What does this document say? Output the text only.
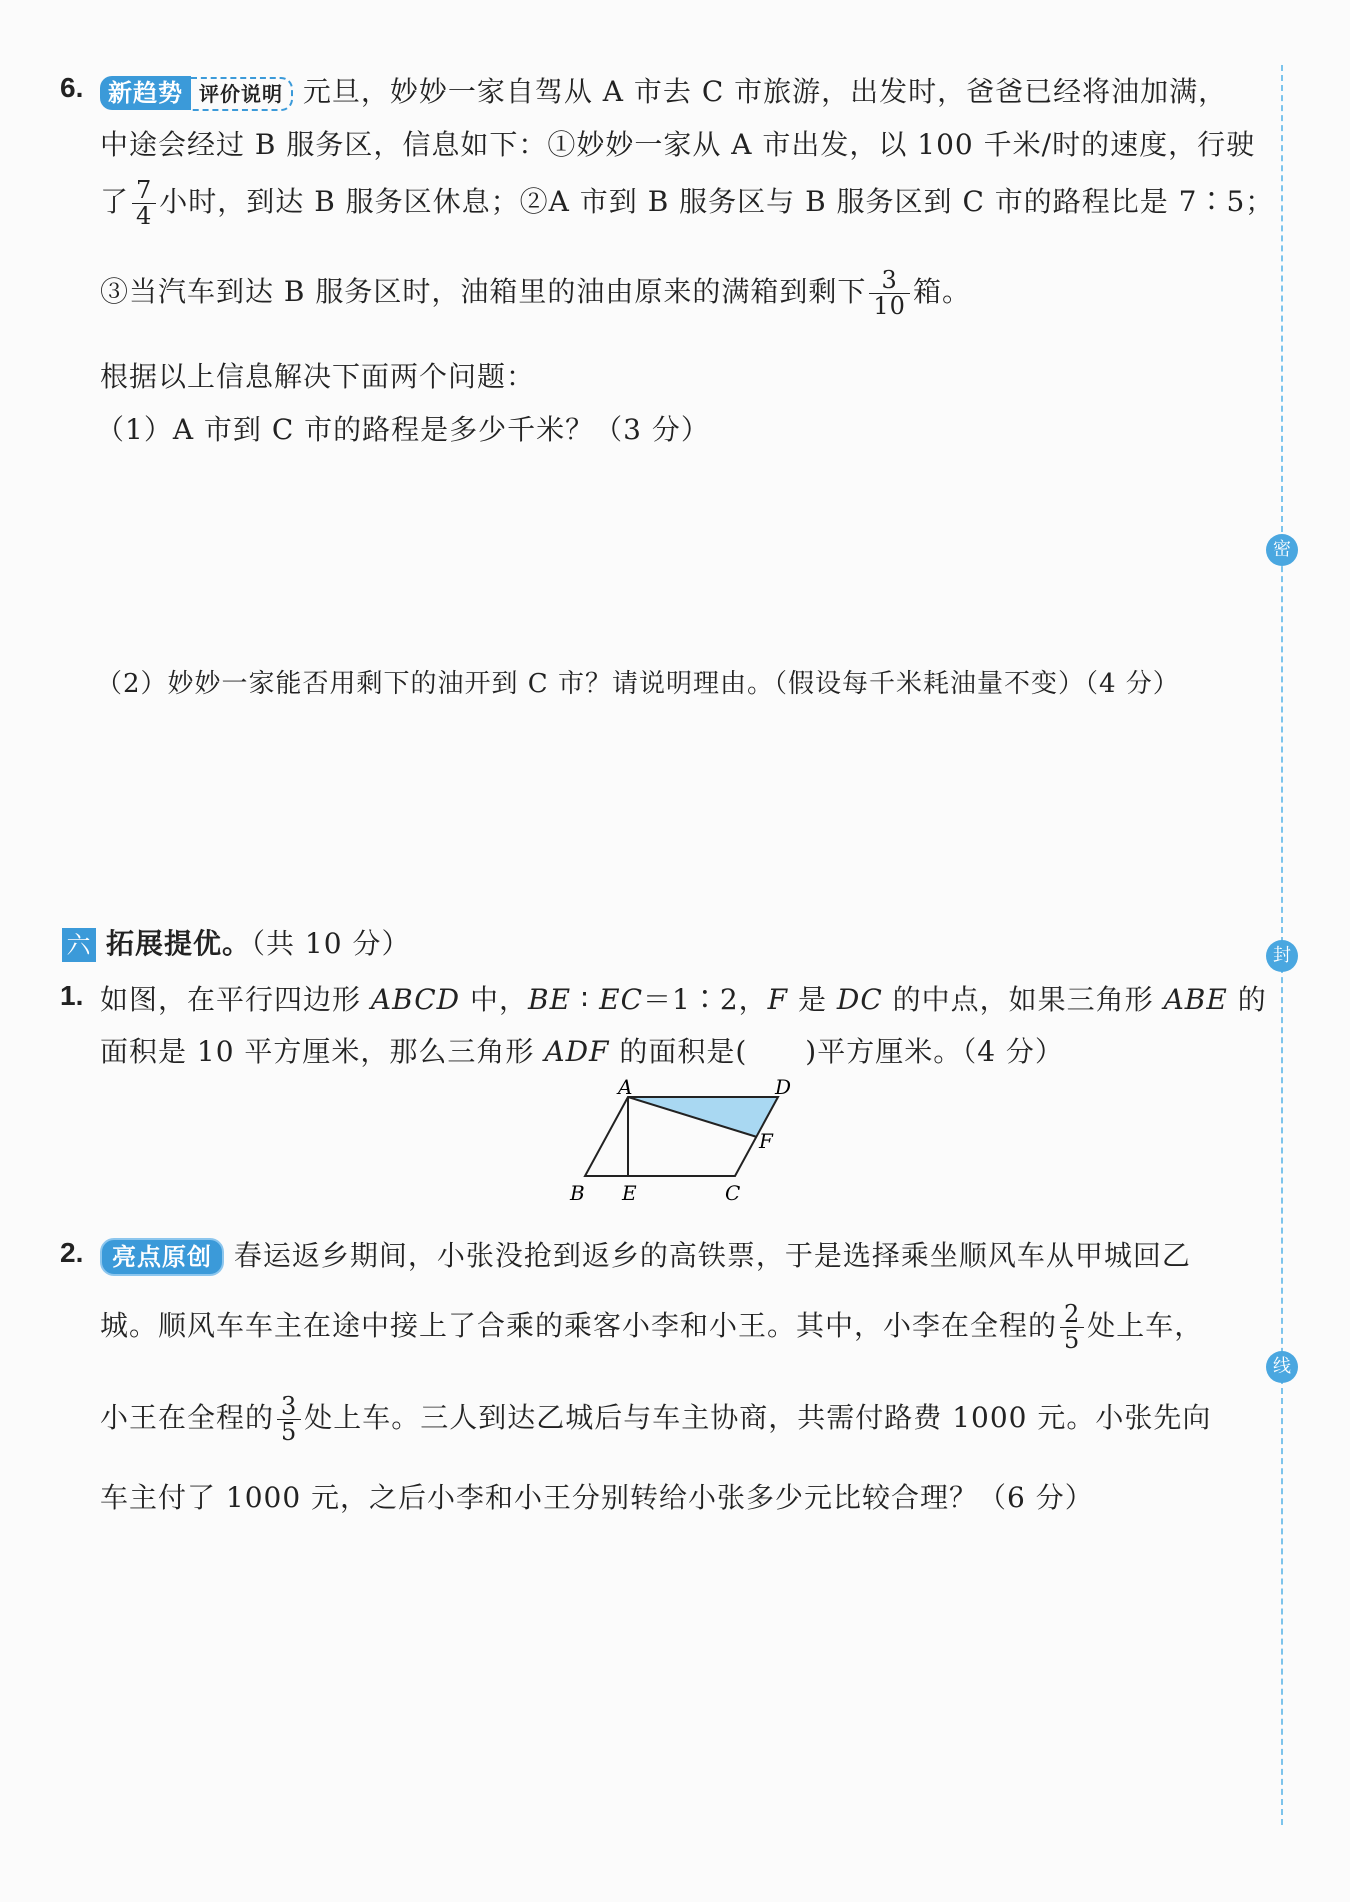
6.	新趋势 评价说明 元旦，妙妙一家自驾从 A 市去 C 市旅游，出发时，爸爸已经将油加满，
中途会经过 B 服务区，信息如下：①妙妙一家从 A 市出发，以 100 千米/时的速度，行驶
了 $\frac{7}{4}$ 小时，到达 B 服务区休息；②A 市到 B 服务区与 B 服务区到 C 市的路程比是 7∶5；
③当汽车到达 B 服务区时，油箱里的油由原来的满箱到剩下 $\frac{3}{10}$ 箱。
根据以上信息解决下面两个问题：
（1）A 市到 C 市的路程是多少千米？（3 分）
（2）妙妙一家能否用剩下的油开到 C 市？请说明理由。（假设每千米耗油量不变）（4 分）
六 拓展提优。（共 10 分）
1. 如图，在平行四边形 ABCD 中，BE ∶ EC＝1∶2，F 是 DC 的中点，如果三角形 ABE 的
面积是 10 平方厘米，那么三角形 ADF 的面积是(　　)平方厘米。（4 分）
A	D
F
B E	C
2.	亮点原创 春运返乡期间，小张没抢到返乡的高铁票，于是选择乘坐顺风车从甲城回乙
城。顺风车车主在途中接上了合乘的乘客小李和小王。其中，小李在全程的 $\frac{2}{5}$ 处上车，
小王在全程的 $\frac{3}{5}$ 处上车。三人到达乙城后与车主协商，共需付路费 1000 元。小张先向
车主付了 1000 元，之后小李和小王分别转给小张多少元比较合理？（6 分）
密
封
线
